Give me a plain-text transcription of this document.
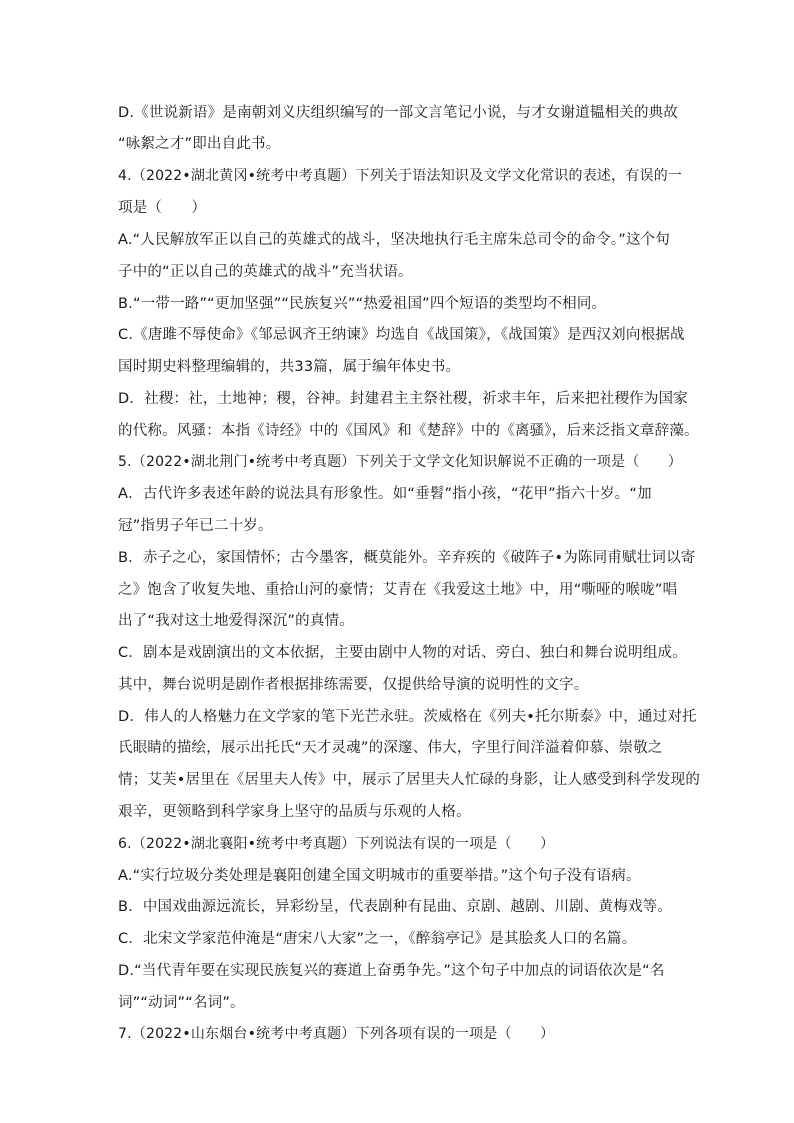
D.《世说新语》是南朝刘义庆组织编写的一部文言笔记小说，与才女谢道韫相关的典故
“咏絮之才”即出自此书。
4.（2022•湖北黄冈•统考中考真题）下列关于语法知识及文学文化常识的表述，有误的一
项是（　　）
A.“人民解放军正以自己的英雄式的战斗，坚决地执行毛主席朱总司令的命令。”这个句
子中的“正以自己的英雄式的战斗”充当状语。
B.“一带一路”“更加坚强”“民族复兴”“热爱祖国”四个短语的类型均不相同。
C.《唐雎不辱使命》《邹忌讽齐王纳谏》均选自《战国策》，《战国策》是西汉刘向根据战
国时期史料整理编辑的，共33篇，属于编年体史书。
D．社稷：社，土地神；稷，谷神。封建君主主祭社稷，祈求丰年，后来把社稷作为国家
的代称。风骚：本指《诗经》中的《国风》和《楚辞》中的《离骚》，后来泛指文章辞藻。
5.（2022•湖北荆门•统考中考真题）下列关于文学文化知识解说不正确的一项是（　　）
A．古代许多表述年龄的说法具有形象性。如“垂髫”指小孩，“花甲”指六十岁。“加
冠”指男子年已二十岁。
B．赤子之心，家国情怀；古今墨客，概莫能外。辛弃疾的《破阵子•为陈同甫赋壮词以寄
之》饱含了收复失地、重拾山河的豪情；艾青在《我爱这土地》中，用“嘶哑的喉咙”唱
出了“我对这土地爱得深沉”的真情。
C．剧本是戏剧演出的文本依据，主要由剧中人物的对话、旁白、独白和舞台说明组成。
其中，舞台说明是剧作者根据排练需要，仅提供给导演的说明性的文字。
D．伟人的人格魅力在文学家的笔下光芒永驻。茨威格在《列夫•托尔斯泰》中，通过对托
氏眼睛的描绘，展示出托氏“天才灵魂”的深邃、伟大，字里行间洋溢着仰慕、崇敬之
情；艾芙•居里在《居里夫人传》中，展示了居里夫人忙碌的身影，让人感受到科学发现的
艰辛，更领略到科学家身上坚守的品质与乐观的人格。
6.（2022•湖北襄阳•统考中考真题）下列说法有误的一项是（　　）
A.“实行垃圾分类处理是襄阳创建全国文明城市的重要举措。”这个句子没有语病。
B．中国戏曲源远流长，异彩纷呈，代表剧种有昆曲、京剧、越剧、川剧、黄梅戏等。
C．北宋文学家范仲淹是“唐宋八大家”之一，《醉翁亭记》是其脍炙人口的名篇。
D.“当代青年要在实现民族复兴的赛道上奋勇争先。”这个句子中加点的词语依次是“名
词”“动词”“名词”。
7.（2022•山东烟台•统考中考真题）下列各项有误的一项是（　　）
